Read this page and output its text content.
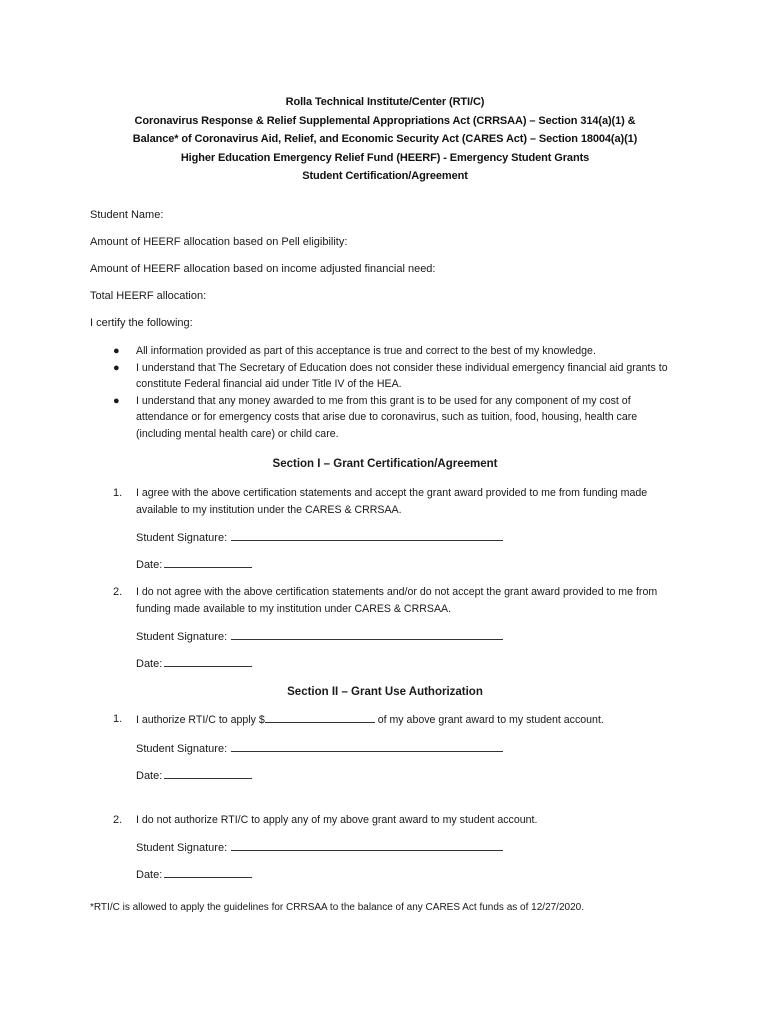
Rolla Technical Institute/Center (RTI/C)
Coronavirus Response & Relief Supplemental Appropriations Act (CRRSAA) – Section 314(a)(1) &
Balance* of Coronavirus Aid, Relief, and Economic Security Act (CARES Act) – Section 18004(a)(1)
Higher Education Emergency Relief Fund (HEERF) - Emergency Student Grants
Student Certification/Agreement
Student Name:
Amount of HEERF allocation based on Pell eligibility:
Amount of HEERF allocation based on income adjusted financial need:
Total HEERF allocation:
I certify the following:
● All information provided as part of this acceptance is true and correct to the best of my knowledge.
● I understand that The Secretary of Education does not consider these individual emergency financial aid grants to constitute Federal financial aid under Title IV of the HEA.
● I understand that any money awarded to me from this grant is to be used for any component of my cost of attendance or for emergency costs that arise due to coronavirus, such as tuition, food, housing, health care (including mental health care) or child care.
Section I – Grant Certification/Agreement
1. I agree with the above certification statements and accept the grant award provided to me from funding made available to my institution under the CARES & CRRSAA.
Student Signature:
Date:
2. I do not agree with the above certification statements and/or do not accept the grant award provided to me from funding made available to my institution under CARES & CRRSAA.
Student Signature:
Date:
Section II – Grant Use Authorization
1. I authorize RTI/C to apply $	of my above grant award to my student account.
Student Signature:
Date:
2. I do not authorize RTI/C to apply any of my above grant award to my student account.
Student Signature:
Date:
*RTI/C is allowed to apply the guidelines for CRRSAA to the balance of any CARES Act funds as of 12/27/2020.
